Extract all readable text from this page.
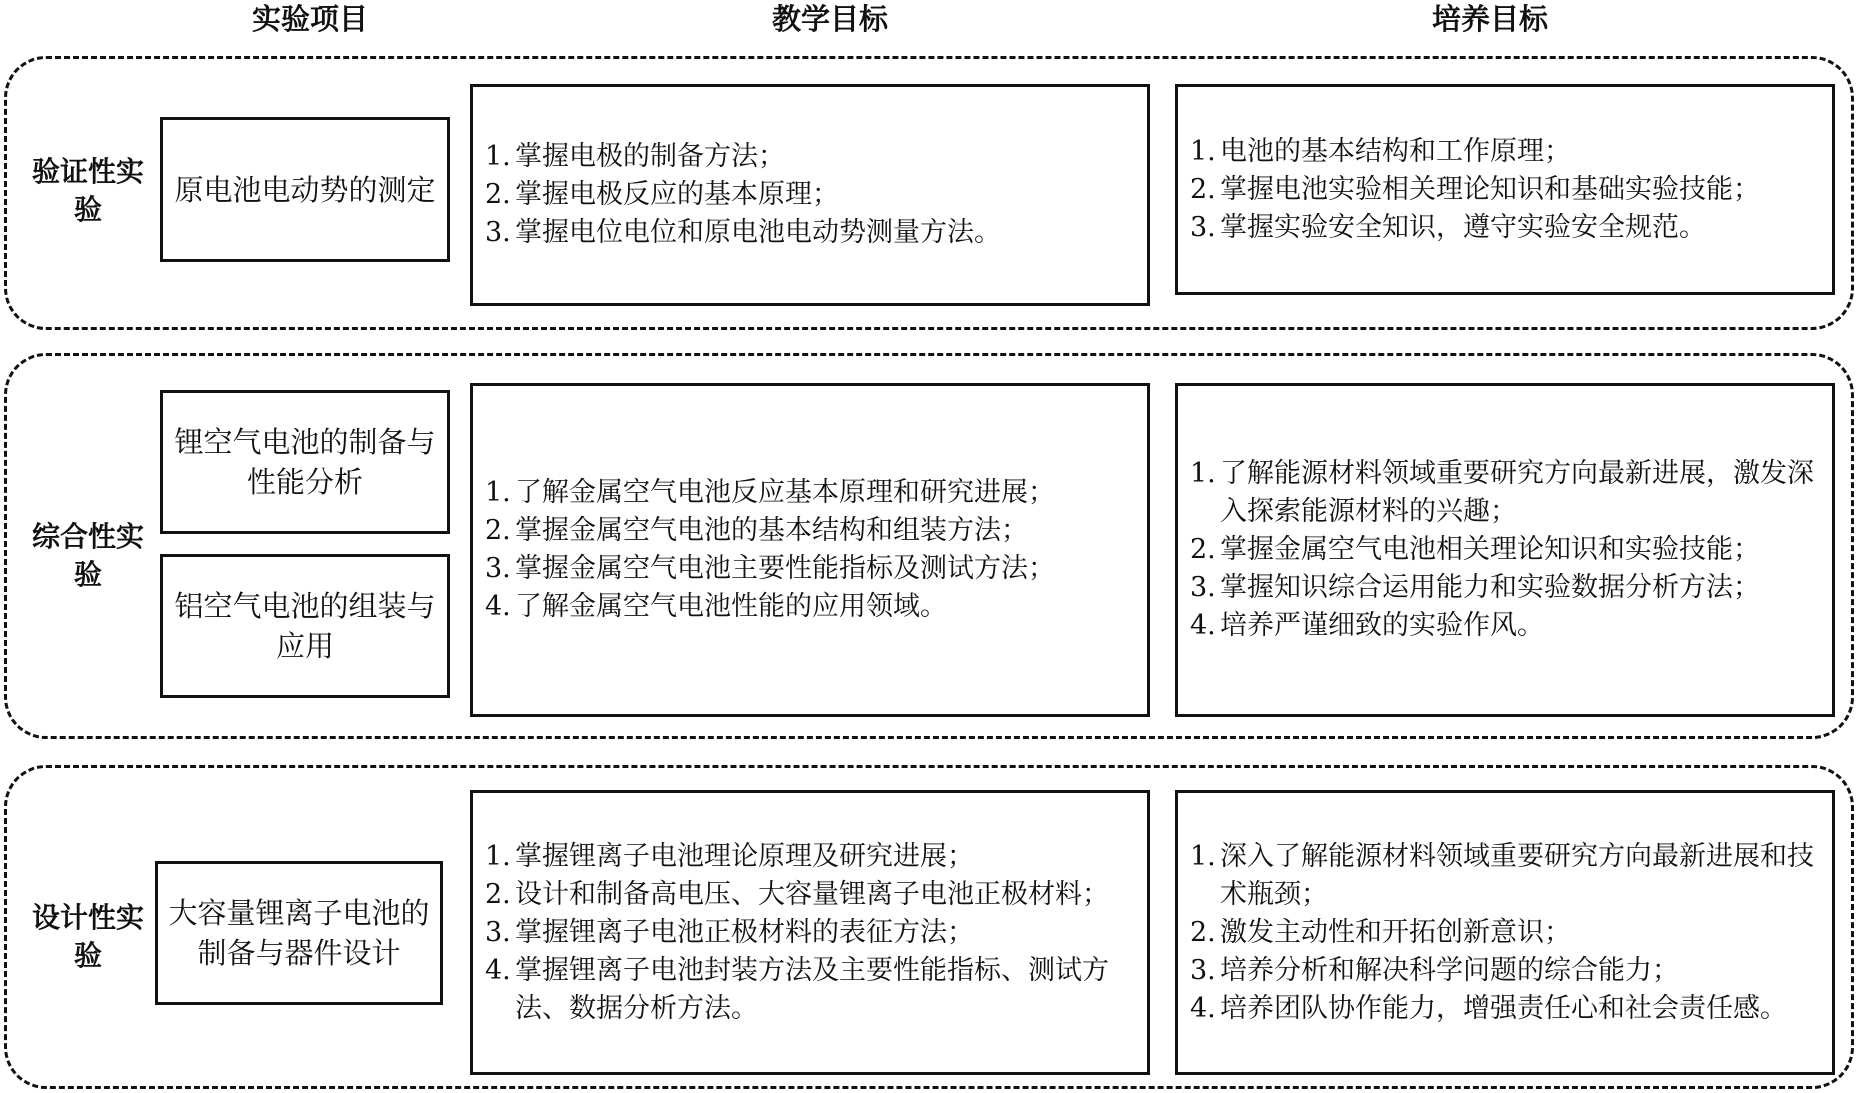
实验项目	教学目标	培养目标
验证性实验
原电池电动势的测定
1. 掌握电极的制备方法；
2. 掌握电极反应的基本原理；
3. 掌握电位电位和原电池电动势测量方法。
1. 电池的基本结构和工作原理；
2. 掌握电池实验相关理论知识和基础实验技能；
3. 掌握实验安全知识，遵守实验安全规范。
综合性实验
锂空气电池的制备与性能分析
铝空气电池的组装与应用
1. 了解金属空气电池反应基本原理和研究进展；
2. 掌握金属空气电池的基本结构和组装方法；
3. 掌握金属空气电池主要性能指标及测试方法；
4. 了解金属空气电池性能的应用领域。
1. 了解能源材料领域重要研究方向最新进展，激发深入探索能源材料的兴趣；
2. 掌握金属空气电池相关理论知识和实验技能；
3. 掌握知识综合运用能力和实验数据分析方法；
4. 培养严谨细致的实验作风。
设计性实验
大容量锂离子电池的制备与器件设计
1. 掌握锂离子电池理论原理及研究进展；
2. 设计和制备高电压、大容量锂离子电池正极材料；
3. 掌握锂离子电池正极材料的表征方法；
4. 掌握锂离子电池封装方法及主要性能指标、测试方法、数据分析方法。
1. 深入了解能源材料领域重要研究方向最新进展和技术瓶颈；
2. 激发主动性和开拓创新意识；
3. 培养分析和解决科学问题的综合能力；
4. 培养团队协作能力，增强责任心和社会责任感。
